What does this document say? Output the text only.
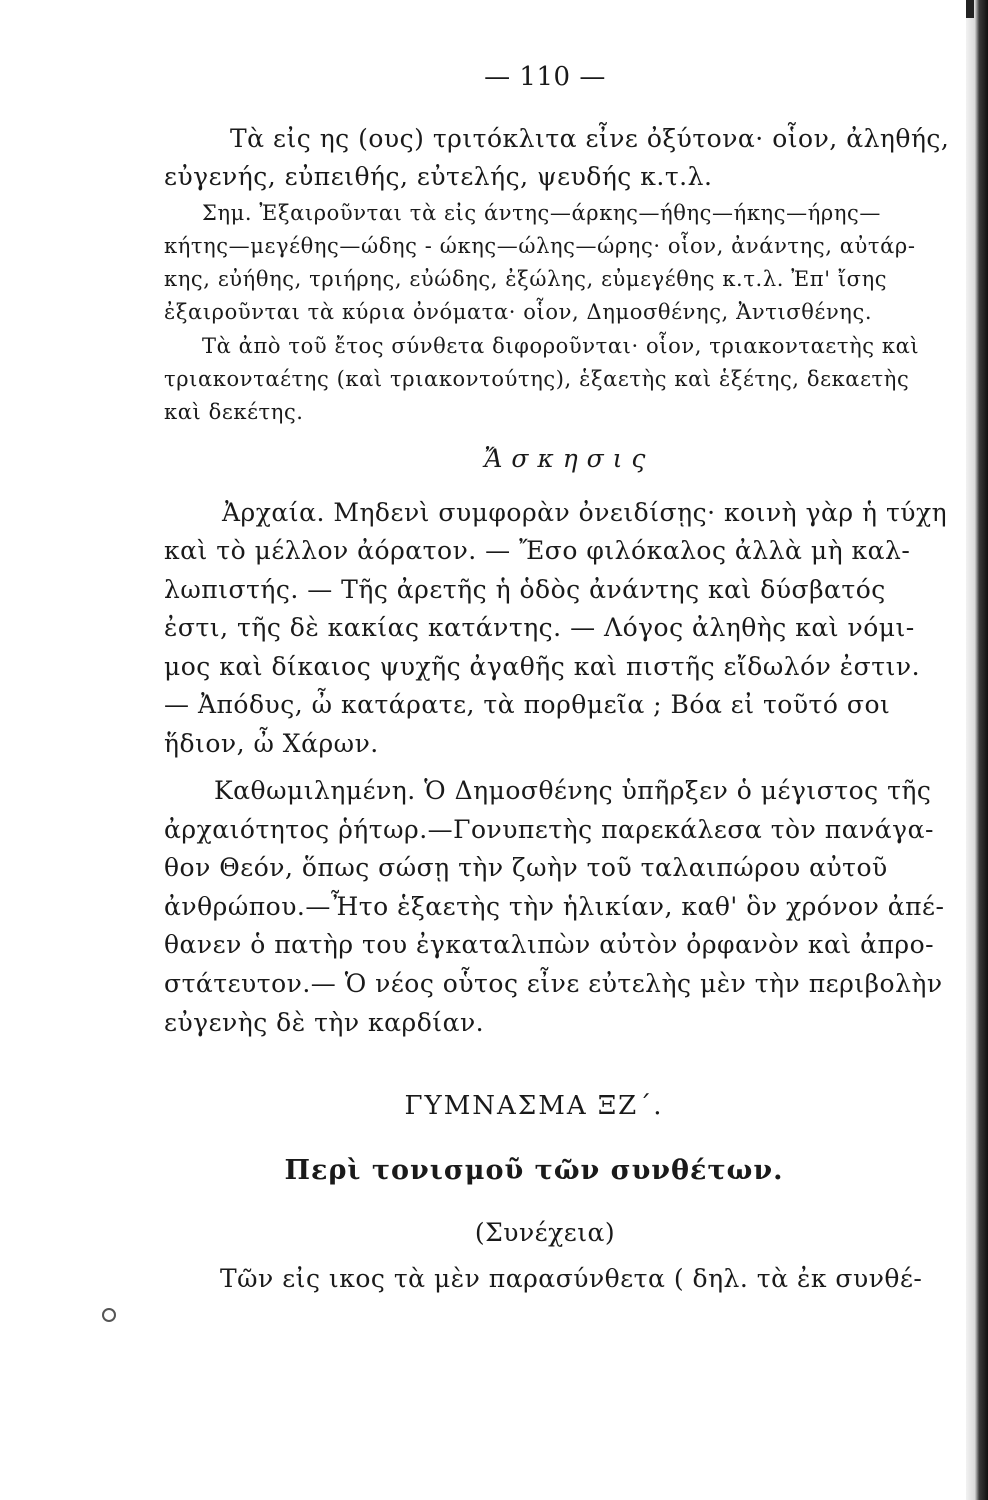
— 110 —
Τὰ εἰς ης (ους) τριτόκλιτα εἶνε ὀξύτονα· οἷον, ἀληθής,
εὐγενής, εὐπειθής, εὐτελής, ψευδής κ.τ.λ.
Σημ. Ἐξαιροῦνται τὰ εἰς άντης—άρκης—ήθης—ήκης—ήρης—
κήτης—μεγέθης—ώδης - ώκης—ώλης—ώρης· οἷον, ἀνάντης, αὐτάρ-
κης, εὐήθης, τριήρης, εὐώδης, ἐξώλης, εὐμεγέθης κ.τ.λ. Ἐπ' ἴσης
ἐξαιροῦνται τὰ κύρια ὀνόματα· οἷον, Δημοσθένης, Ἀντισθένης.
Τὰ ἀπὸ τοῦ ἔτος σύνθετα διφοροῦνται· οἷον, τριακονταετὴς καὶ
τριακονταέτης (καὶ τριακοντούτης), ἑξαετὴς καὶ ἑξέτης, δεκαετὴς
καὶ δεκέτης.
Ἄ σ κ η σ ι ς
Ἀρχαία. Μηδενὶ συμφορὰν ὀνειδίσῃς· κοινὴ γὰρ ἡ τύχη
καὶ τὸ μέλλον ἀόρατον. — Ἔσο φιλόκαλος ἀλλὰ μὴ καλ-
λωπιστής. — Τῆς ἀρετῆς ἡ ὁδὸς ἀνάντης καὶ δύσβατός
ἐστι, τῆς δὲ κακίας κατάντης. — Λόγος ἀληθὴς καὶ νόμι-
μος καὶ δίκαιος ψυχῆς ἀγαθῆς καὶ πιστῆς εἴδωλόν ἐστιν.
— Ἀπόδυς, ὦ κατάρατε, τὰ πορθμεῖα ; Βόα εἰ τοῦτό σοι
ἥδιον, ὦ Χάρων.
Καθωμιλημένη. Ὁ Δημοσθένης ὑπῆρξεν ὁ μέγιστος τῆς
ἀρχαιότητος ῥήτωρ.—Γονυπετὴς παρεκάλεσα τὸν πανάγα-
θον Θεόν, ὅπως σώσῃ τὴν ζωὴν τοῦ ταλαιπώρου αὐτοῦ
ἀνθρώπου.—Ἦτο ἑξαετὴς τὴν ἡλικίαν, καθ' ὃν χρόνον ἀπέ-
θανεν ὁ πατὴρ του ἐγκαταλιπὼν αὐτὸν ὀρφανὸν καὶ ἀπρο-
στάτευτον.— Ὁ νέος οὗτος εἶνε εὐτελὴς μὲν τὴν περιβολὴν
εὐγενὴς δὲ τὴν καρδίαν.
ΓΥΜΝΑΣΜΑ ΞΖ΄.
Περὶ τονισμοῦ τῶν συνθέτων.
(Συνέχεια)
Τῶν εἰς ικος τὰ μὲν παρασύνθετα ( δηλ. τὰ ἐκ συνθέ-
